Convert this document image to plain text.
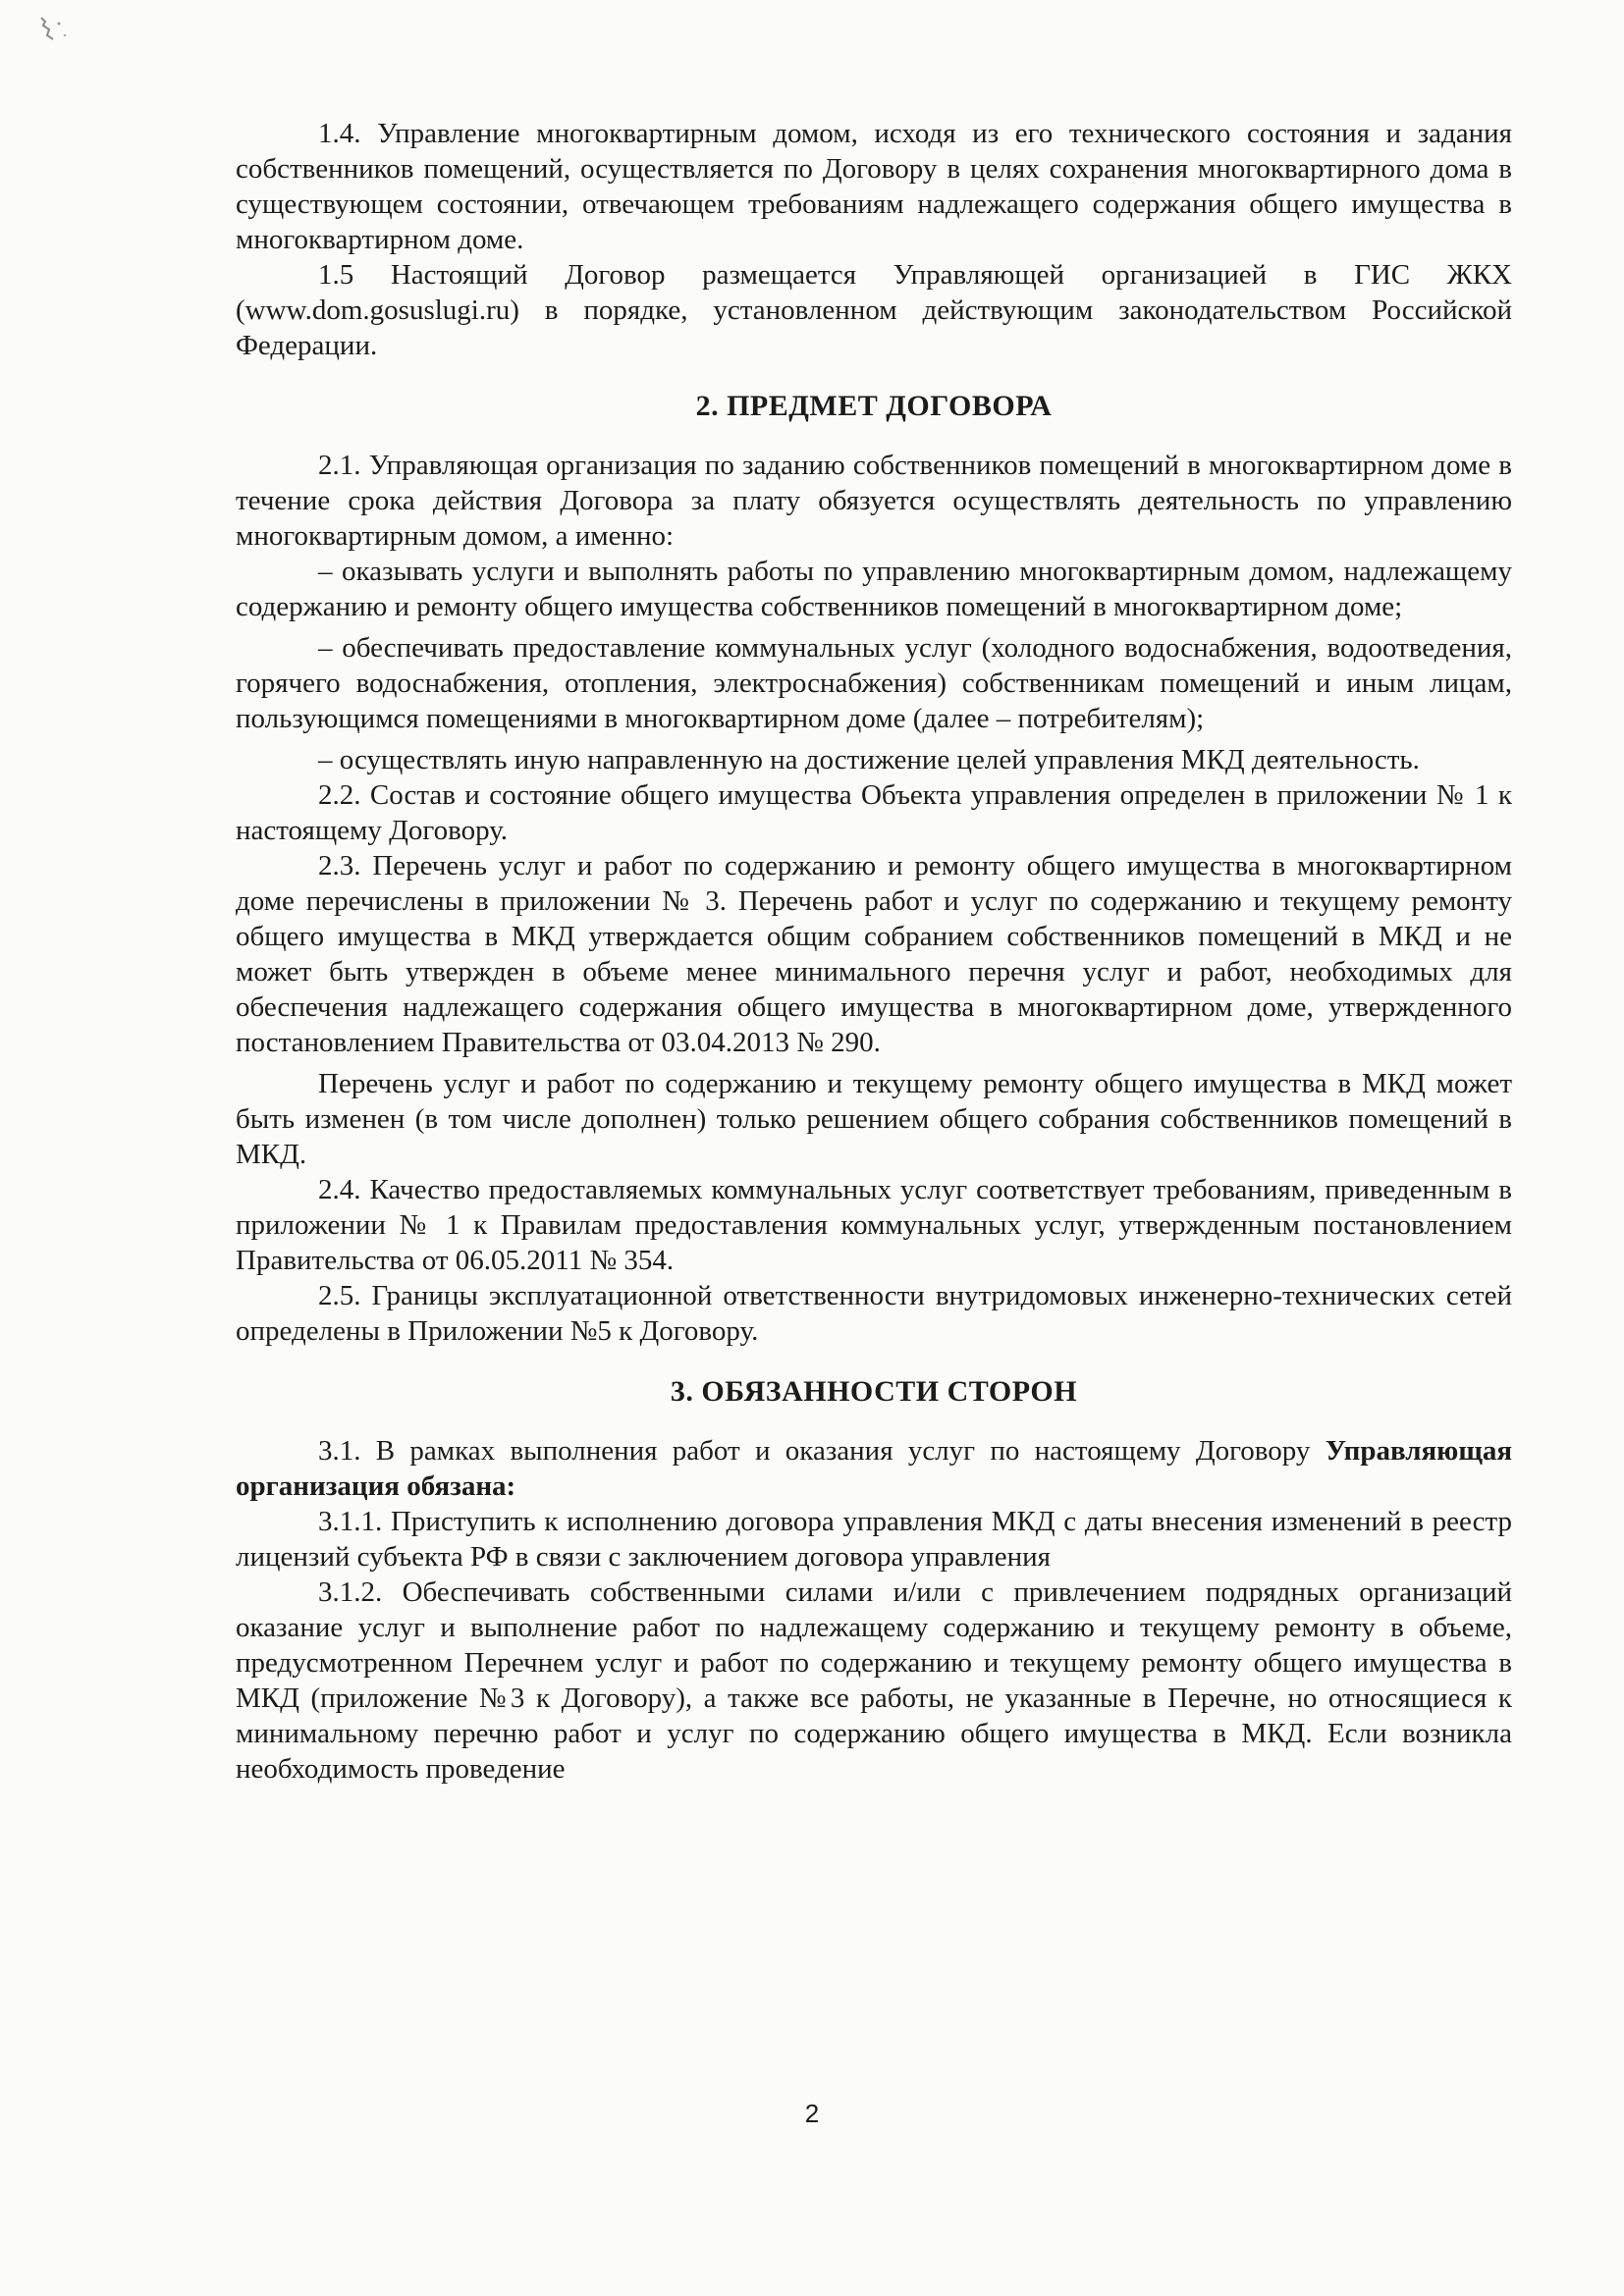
1.4. Управление многоквартирным домом, исходя из его технического состояния и задания собственников помещений, осуществляется по Договору в целях сохранения многоквартирного дома в существующем состоянии, отвечающем требованиям надлежащего содержания общего имущества в многоквартирном доме.

1.5 Настоящий Договор размещается Управляющей организацией в ГИС ЖКХ (www.dom.gosuslugi.ru) в порядке, установленном действующим законодательством Российской Федерации.

2. ПРЕДМЕТ ДОГОВОРА

2.1. Управляющая организация по заданию собственников помещений в многоквартирном доме в течение срока действия Договора за плату обязуется осуществлять деятельность по управлению многоквартирным домом, а именно:

– оказывать услуги и выполнять работы по управлению многоквартирным домом, надлежащему содержанию и ремонту общего имущества собственников помещений в многоквартирном доме;

– обеспечивать предоставление коммунальных услуг (холодного водоснабжения, водоотведения, горячего водоснабжения, отопления, электроснабжения) собственникам помещений и иным лицам, пользующимся помещениями в многоквартирном доме (далее – потребителям);

– осуществлять иную направленную на достижение целей управления МКД деятельность.

2.2. Состав и состояние общего имущества Объекта управления определен в приложении № 1 к настоящему Договору.

2.3. Перечень услуг и работ по содержанию и ремонту общего имущества в многоквартирном доме перечислены в приложении № 3. Перечень работ и услуг по содержанию и текущему ремонту общего имущества в МКД утверждается общим собранием собственников помещений в МКД и не может быть утвержден в объеме менее минимального перечня услуг и работ, необходимых для обеспечения надлежащего содержания общего имущества в многоквартирном доме, утвержденного постановлением Правительства от 03.04.2013 № 290.

Перечень услуг и работ по содержанию и текущему ремонту общего имущества в МКД может быть изменен (в том числе дополнен) только решением общего собрания собственников помещений в МКД.

2.4. Качество предоставляемых коммунальных услуг соответствует требованиям, приведенным в приложении № 1 к Правилам предоставления коммунальных услуг, утвержденным постановлением Правительства от 06.05.2011 № 354.

2.5. Границы эксплуатационной ответственности внутридомовых инженерно-технических сетей определены в Приложении №5 к Договору.

3. ОБЯЗАННОСТИ СТОРОН

3.1. В рамках выполнения работ и оказания услуг по настоящему Договору Управляющая организация обязана:

3.1.1. Приступить к исполнению договора управления МКД с даты внесения изменений в реестр лицензий субъекта РФ в связи с заключением договора управления

3.1.2. Обеспечивать собственными силами и/или с привлечением подрядных организаций оказание услуг и выполнение работ по надлежащему содержанию и текущему ремонту в объеме, предусмотренном Перечнем услуг и работ по содержанию и текущему ремонту общего имущества в МКД (приложение №3 к Договору), а также все работы, не указанные в Перечне, но относящиеся к минимальному перечню работ и услуг по содержанию общего имущества в МКД. Если возникла необходимость проведение

2
